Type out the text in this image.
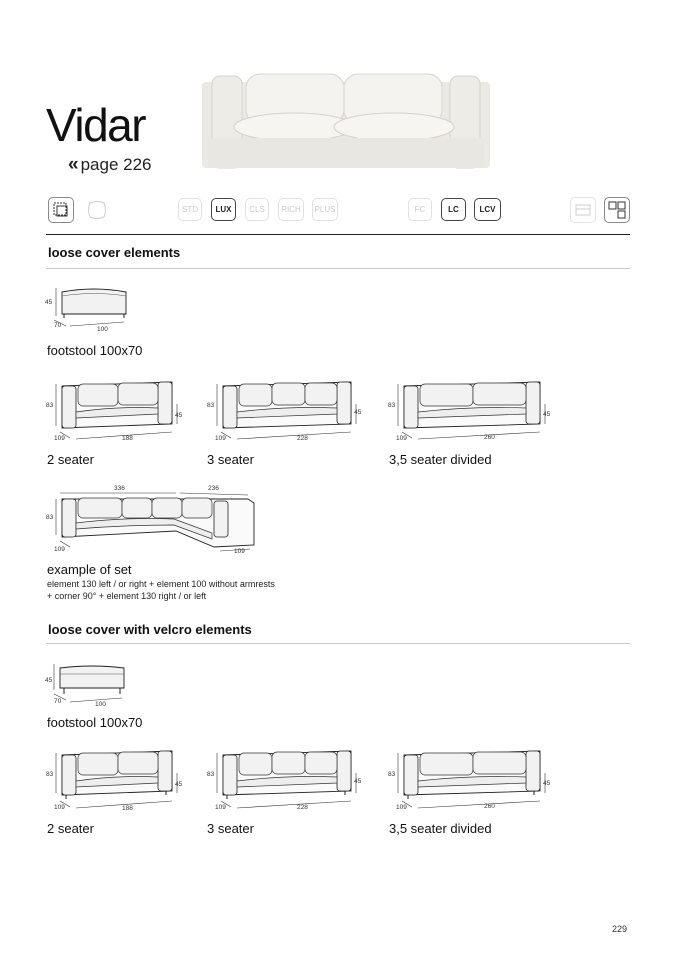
Vidar
« page 226
STD	LUX	CLS	RICH	PLUS	FC	LC	LCV
loose cover elements
45
70
100
footstool 100x70
83
109	188
45
2 seater
83
109	228
45
3 seater
83
109	260
45
3,5 seater divided
336	236
83
109	109
example of set
element 130 left / or right + element 100 without armrests
+ corner 90° + element 130 right / or left
loose cover with velcro elements
45
70	100
footstool 100x70
83
109	188
45
2 seater
83
109	228
45
3 seater
83
109	260
45
3,5 seater divided
229
